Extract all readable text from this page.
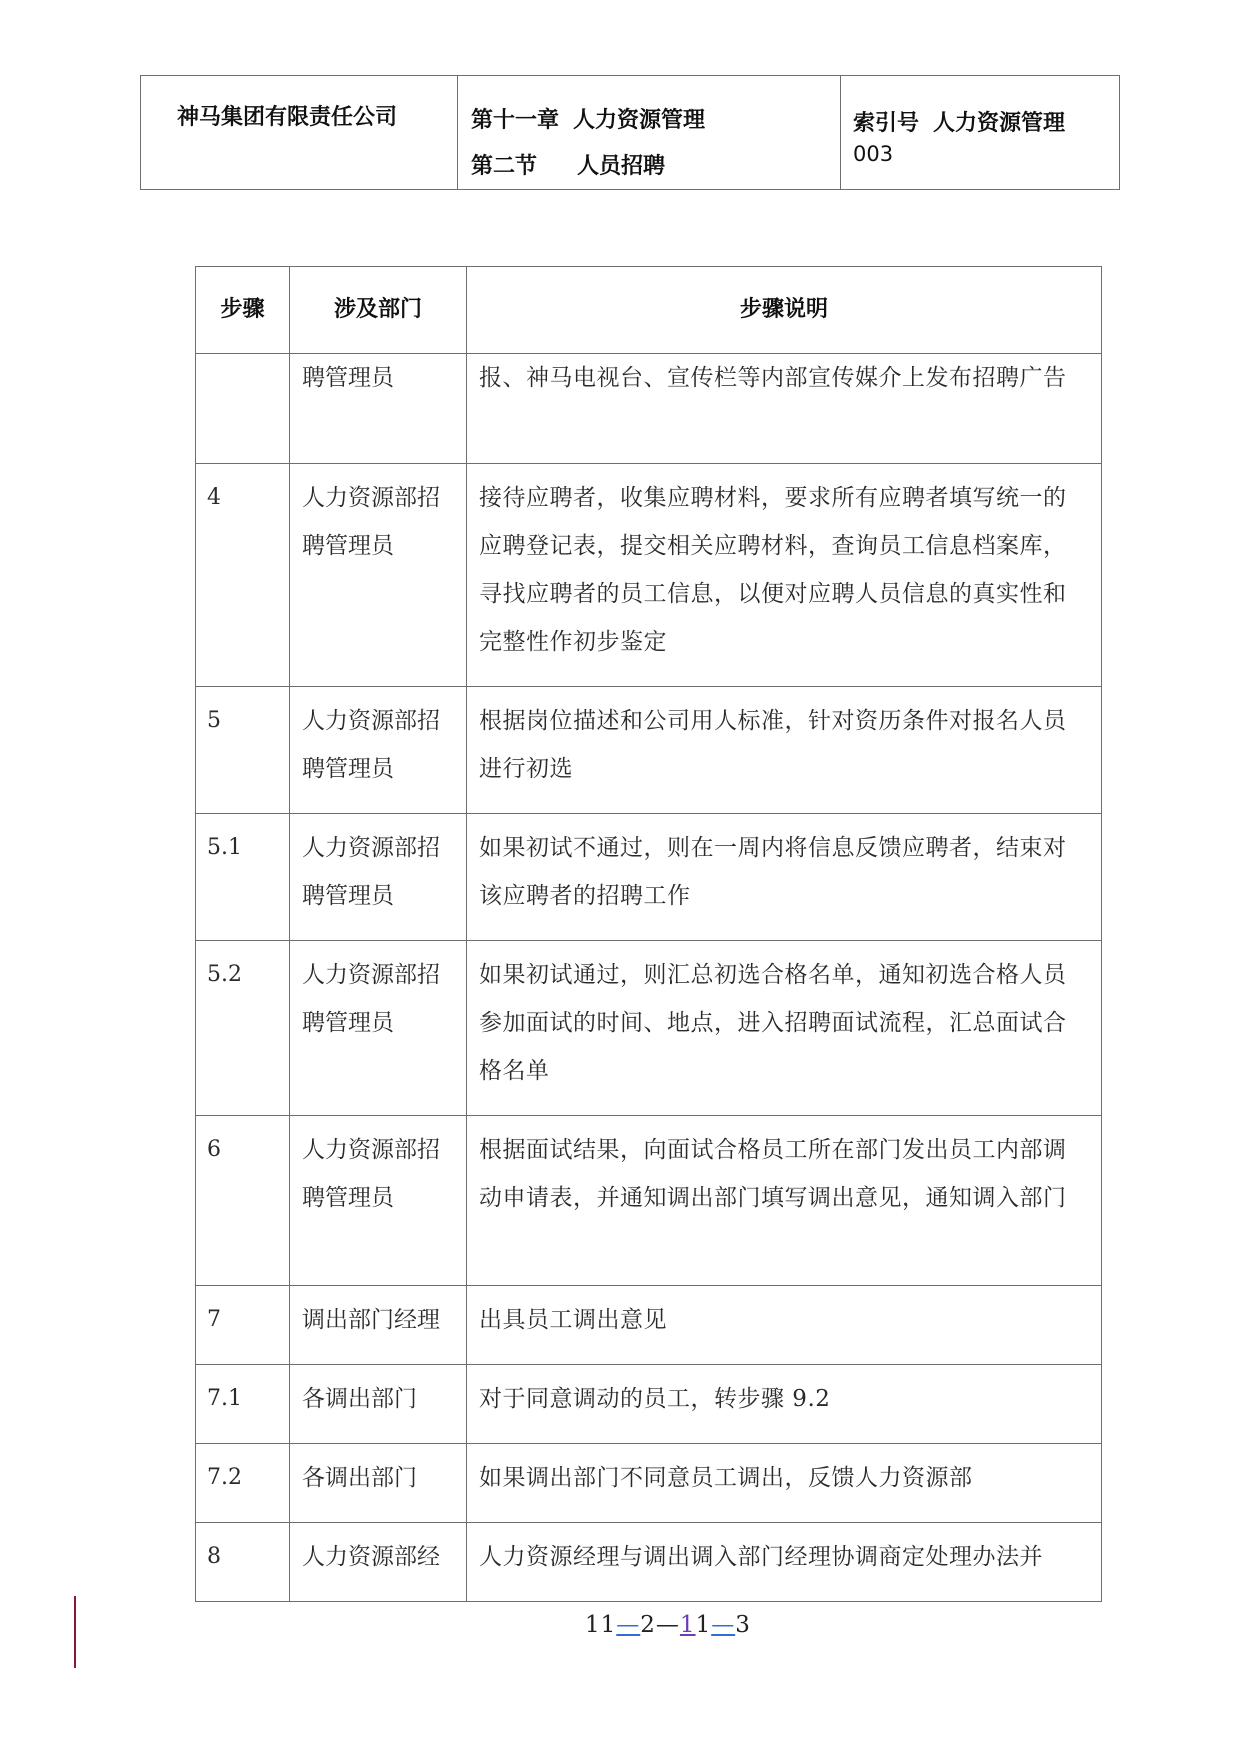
神马集团有限责任公司	第十一章 人力资源管理
第二节 人员招聘
索引号 人力资源管理
003
步骤	涉及部门	步骤说明
	聘管理员	报、神马电视台、宣传栏等内部宣传媒介上发布招聘广告
4	人力资源部招聘管理员	接待应聘者，收集应聘材料，要求所有应聘者填写统一的应聘登记表，提交相关应聘材料，查询员工信息档案库，寻找应聘者的员工信息，以便对应聘人员信息的真实性和完整性作初步鉴定
5	人力资源部招聘管理员	根据岗位描述和公司用人标准，针对资历条件对报名人员进行初选
5.1	人力资源部招聘管理员	如果初试不通过，则在一周内将信息反馈应聘者，结束对该应聘者的招聘工作
5.2	人力资源部招聘管理员	如果初试通过，则汇总初选合格名单，通知初选合格人员参加面试的时间、地点，进入招聘面试流程，汇总面试合格名单
6	人力资源部招聘管理员	根据面试结果，向面试合格员工所在部门发出员工内部调动申请表，并通知调出部门填写调出意见，通知调入部门
7	调出部门经理	出具员工调出意见
7.1	各调出部门	对于同意调动的员工，转步骤 9.2
7.2	各调出部门	如果调出部门不同意员工调出，反馈人力资源部
8	人力资源部经	人力资源经理与调出调入部门经理协调商定处理办法并
11—2—11—3
